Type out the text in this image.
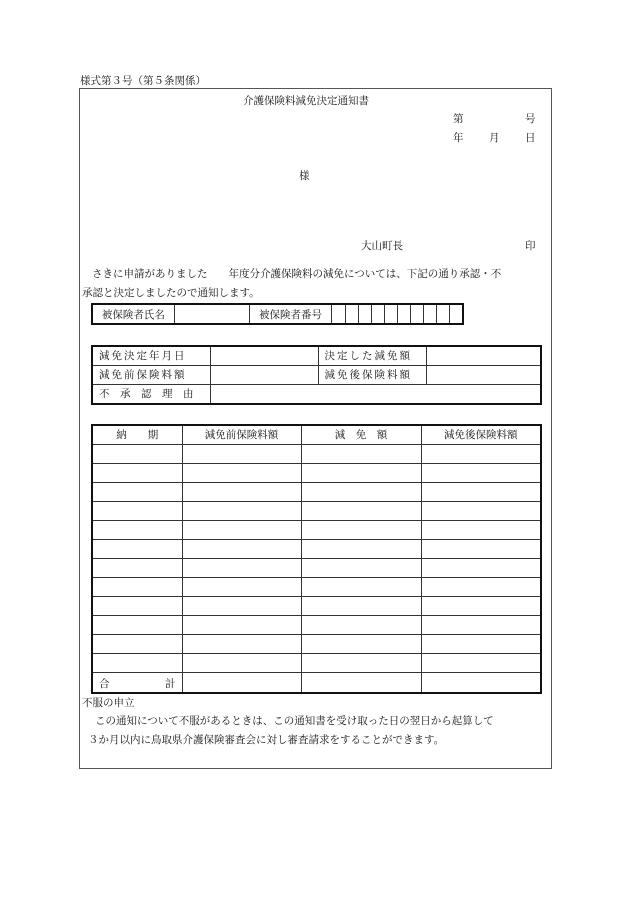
様式第３号（第５条関係）
介護保険料減免決定通知書
第	号
年 月 日
様
大山町長	印
さきに申請がありました　　年度分介護保険料の減免については、下記の通り承認・不
承認と決定しましたので通知します。
被保険者氏名		被保険者番号										
減免決定年月日		決定した減免額	
減免前保険料額		減免後保険料額	
不　承　認　理　由			
納　　期	減免前保険料額	減　免　額	減免後保険料額

合 計			

不服の申立
この通知について不服があるときは、この通知書を受け取った日の翌日から起算して
３か月以内に鳥取県介護保険審査会に対し審査請求をすることができます。
